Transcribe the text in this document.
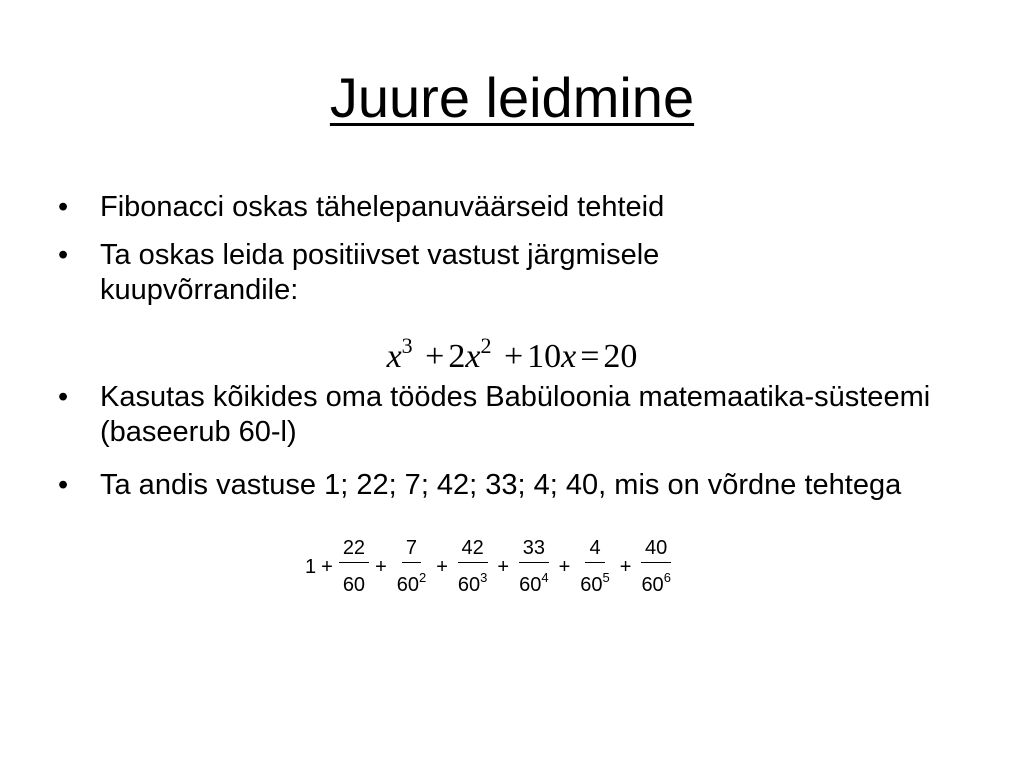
Juure leidmine
• Fibonacci oskas tähelepanuväärseid tehteid
• Ta oskas leida positiivset vastust järgmisele kuupvõrrandile:
$x^3 + 2x^2 + 10x = 20$
• Kasutas kõikides oma töödes Babüloonia matemaatika-süsteemi (baseerub 60-l)
• Ta andis vastuse 1; 22; 7; 42; 33; 4; 40, mis on võrdne tehtega
$1 + \frac{22}{60} + \frac{7}{60^2} + \frac{42}{60^3} + \frac{33}{60^4} + \frac{4}{60^5} + \frac{40}{60^6}$
